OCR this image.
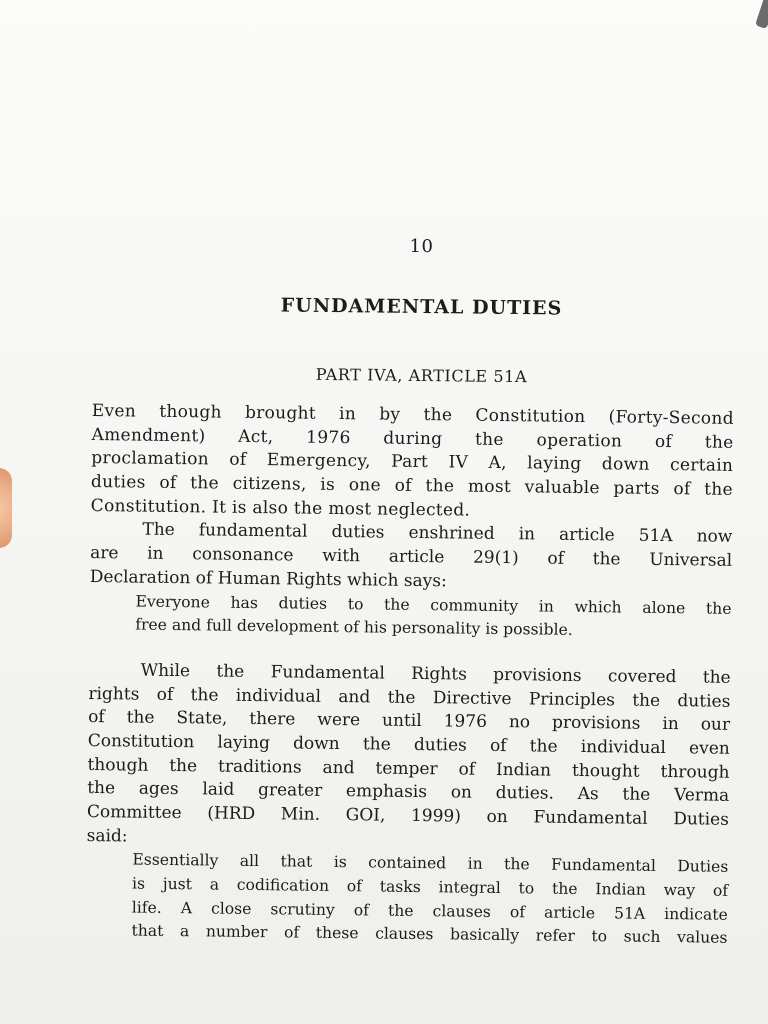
10
FUNDAMENTAL DUTIES
PART IVA, ARTICLE 51A
Even though brought in by the Constitution (Forty-Second
Amendment) Act, 1976 during the operation of the
proclamation of Emergency, Part IV A, laying down certain
duties of the citizens, is one of the most valuable parts of the
Constitution. It is also the most neglected.
The fundamental duties enshrined in article 51A now
are in consonance with article 29(1) of the Universal
Declaration of Human Rights which says:
Everyone has duties to the community in which alone the
free and full development of his personality is possible.
While the Fundamental Rights provisions covered the
rights of the individual and the Directive Principles the duties
of the State, there were until 1976 no provisions in our
Constitution laying down the duties of the individual even
though the traditions and temper of Indian thought through
the ages laid greater emphasis on duties. As the Verma
Committee (HRD Min. GOI, 1999) on Fundamental Duties
said:
Essentially all that is contained in the Fundamental Duties
is just a codification of tasks integral to the Indian way of
life. A close scrutiny of the clauses of article 51A indicate
that a number of these clauses basically refer to such values
